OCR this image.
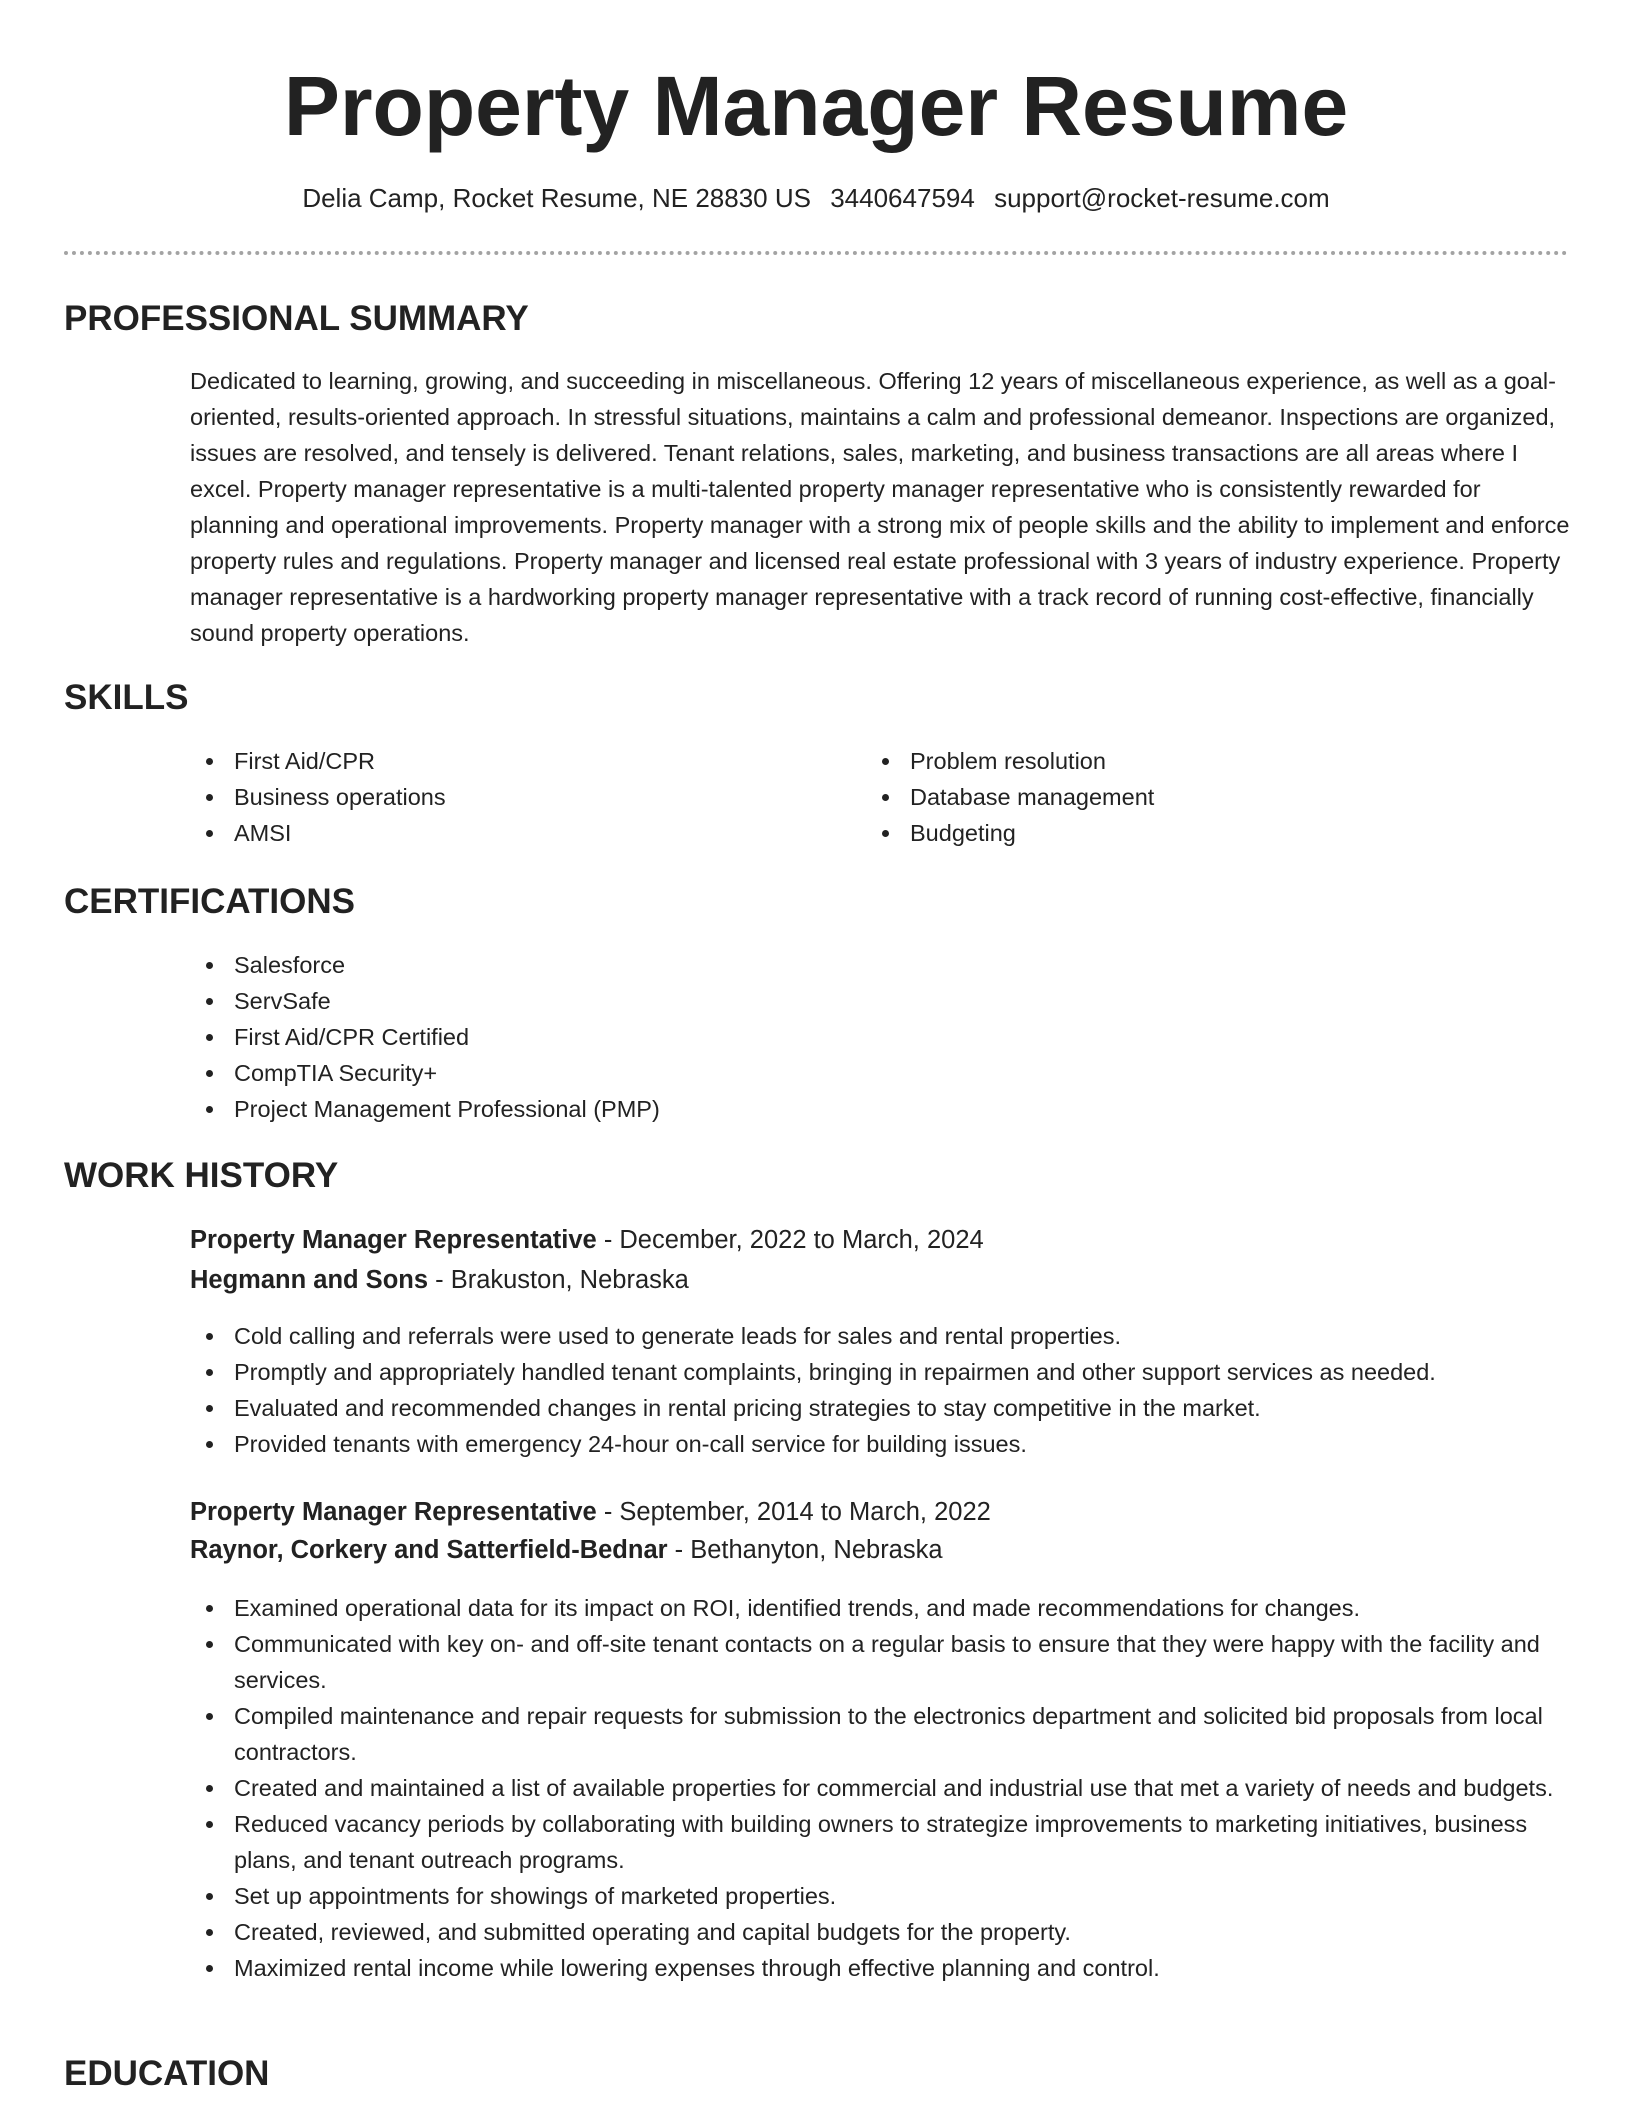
Property Manager Resume
Delia Camp, Rocket Resume, NE 28830 US 3440647594 support@rocket-resume.com
PROFESSIONAL SUMMARY
Dedicated to learning, growing, and succeeding in miscellaneous. Offering 12 years of miscellaneous experience, as well as a goal-oriented, results-oriented approach. In stressful situations, maintains a calm and professional demeanor. Inspections are organized, issues are resolved, and tensely is delivered. Tenant relations, sales, marketing, and business transactions are all areas where I excel. Property manager representative is a multi-talented property manager representative who is consistently rewarded for planning and operational improvements. Property manager with a strong mix of people skills and the ability to implement and enforce property rules and regulations. Property manager and licensed real estate professional with 3 years of industry experience. Property manager representative is a hardworking property manager representative with a track record of running cost-effective, financially sound property operations.
SKILLS
First Aid/CPR
Business operations
AMSI
Problem resolution
Database management
Budgeting
CERTIFICATIONS
Salesforce
ServSafe
First Aid/CPR Certified
CompTIA Security+
Project Management Professional (PMP)
WORK HISTORY
Property Manager Representative - December, 2022 to March, 2024
Hegmann and Sons - Brakuston, Nebraska
Cold calling and referrals were used to generate leads for sales and rental properties.
Promptly and appropriately handled tenant complaints, bringing in repairmen and other support services as needed.
Evaluated and recommended changes in rental pricing strategies to stay competitive in the market.
Provided tenants with emergency 24-hour on-call service for building issues.
Property Manager Representative - September, 2014 to March, 2022
Raynor, Corkery and Satterfield-Bednar - Bethanyton, Nebraska
Examined operational data for its impact on ROI, identified trends, and made recommendations for changes.
Communicated with key on- and off-site tenant contacts on a regular basis to ensure that they were happy with the facility and services.
Compiled maintenance and repair requests for submission to the electronics department and solicited bid proposals from local contractors.
Created and maintained a list of available properties for commercial and industrial use that met a variety of needs and budgets.
Reduced vacancy periods by collaborating with building owners to strategize improvements to marketing initiatives, business plans, and tenant outreach programs.
Set up appointments for showings of marketed properties.
Created, reviewed, and submitted operating and capital budgets for the property.
Maximized rental income while lowering expenses through effective planning and control.
EDUCATION
